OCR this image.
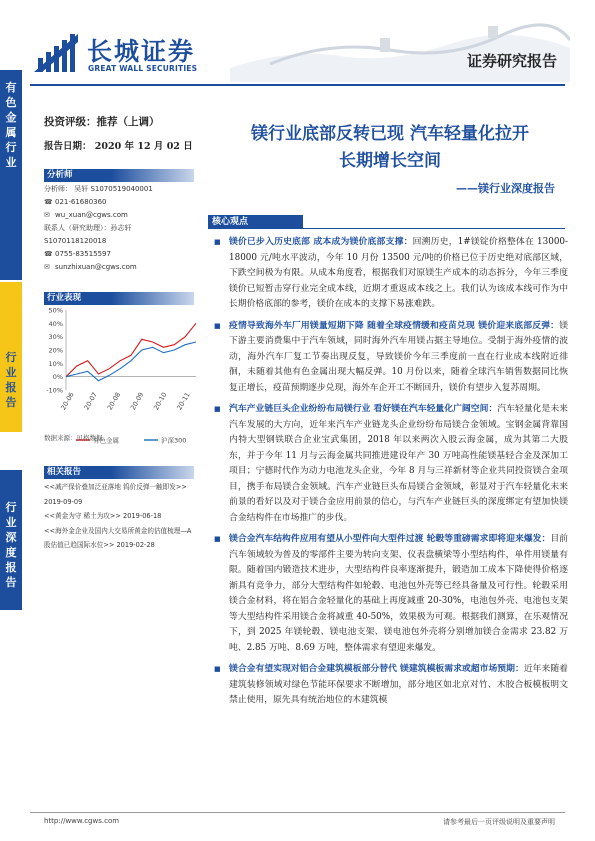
长城证券
GREAT WALL SECURITIES	证券研究报告
有色金属行业
行业报告
行业深度报告
投资评级：推荐（上调）
报告日期： 2020 年 12 月 02 日
分析师
分析师： 吴轩 S1070519040001
☎ 021-61680360
✉ wu_xuan@cgws.com
联系人（研究助理）：孙志轩
S1070118120018
☎ 0755-83515597
✉ sunzhixuan@cgws.com
行业表现
50%
40%
30%
20%
10%
0%
-10%
20-06 20-07 20-08 20-09 20-10 20-11
有色金属	沪深300
数据来源：贝格数据
相关报告
<<减产保价叠加泛亚落地 钨价反弹一触即发>> 2019-09-09
<<黄金为守 稀土为攻>> 2019-06-18
<<海外金企业及国内大交易所黄金的估值梳理—A股估值已趋国际水位>> 2019-02-28
镁行业底部反转已现 汽车轻量化拉开
长期增长空间
——镁行业深度报告
核心观点

■ 镁价已步入历史底部 成本成为镁价底部支撑：回溯历史，1#镁锭价格整体在 13000-18000 元/吨水平波动，今年 10 月份 13500 元/吨的价格已位于历史绝对底部区域，下跌空间极为有限。从成本角度看，根据我们对原镁生产成本的动态拆分，今年三季度镁价已短暂击穿行业完全成本线，近期才重返成本线之上。我们认为该成本线可作为中长期价格底部的参考，镁价在成本的支撑下易涨难跌。

■ 疫情导致海外车厂用镁量短期下降 随着全球疫情缓和疫苗兑现 镁价迎来底部反弹：镁下游主要消费集中于汽车领域，同时海外汽车用镁占据主导地位。受制于海外疫情的波动，海外汽车厂复工节奏出现反复，导致镁价今年三季度前一直在行业成本线附近徘徊，未随着其他有色金属出现大幅反弹。10 月份以来，随着全球汽车销售数据同比恢复正增长，疫苗预期逐步兑现，海外车企开工不断回升，镁价有望步入复苏周期。

■ 汽车产业链巨头企业纷纷布局镁行业 看好镁在汽车轻量化广阔空间：汽车轻量化是未来汽车发展的大方向，近年来汽车产业链龙头企业纷纷布局镁合金领域。宝钢金属背靠国内特大型钢铁联合企业宝武集团，2018 年以来两次入股云海金属，成为其第二大股东，并于今年 11 月与云海金属共同推进建设年产 30 万吨高性能镁基轻合金及深加工项目；宁德时代作为动力电池龙头企业，今年 8 月与三祥新材等企业共同投资镁合金项目，携手布局镁合金领域。汽车产业链巨头布局镁合金领域，彰显对于汽车轻量化未来前景的看好以及对于镁合金应用前景的信心，与汽车产业链巨头的深度绑定有望加快镁合金结构件在市场推广的步伐。

■ 镁合金汽车结构件应用有望从小型件向大型件过渡 轮毂等重磅需求即将迎来爆发：目前汽车领域较为普及的零部件主要为转向支架、仪表盘横梁等小型结构件，单件用镁量有限。随着国内锻造技术进步，大型结构件良率逐渐提升，锻造加工成本下降使得价格逐渐具有竞争力，部分大型结构件如轮毂、电池包外壳等已经具备量及可行性。轮毂采用镁合金材料，将在铝合金轻量化的基础上再度减重 20-30%，电池包外壳、电池包支架等大型结构件采用镁合金将减重 40-50%，效果极为可观。根据我们测算，在乐观情况下，到 2025 年镁轮毂、镁电池支架、镁电池包外壳将分别增加镁合金需求 23.82 万吨、2.85 万吨、8.69 万吨，整体需求有望迎来爆发。

■ 镁合金有望实现对铝合金建筑模板部分替代 镁建筑模板需求或超市场预期：近年来随着建筑装修领域对绿色节能环保要求不断增加，部分地区如北京对竹、木胶合板模板明文禁止使用，原先具有统治地位的木建筑模

http://www.cgws.com	请参考最后一页评级说明及重要声明
